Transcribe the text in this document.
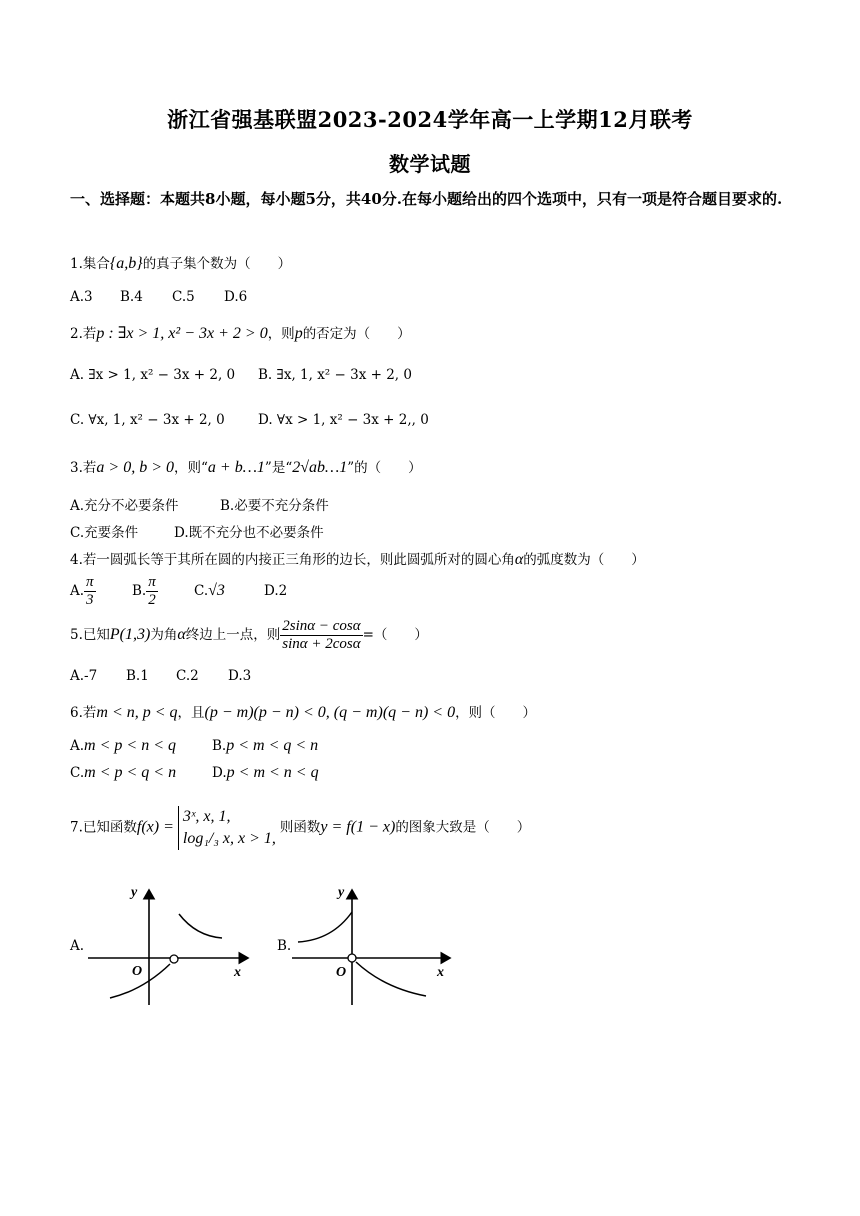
浙江省强基联盟2023-2024学年高一上学期12月联考
数学试题
一、选择题：本题共8小题，每小题5分，共40分.在每小题给出的四个选项中，只有一项是符合题目要求的.
1.集合{a,b}的真子集个数为（　　）
A.3 B.4 C.5 D.6
2.若p : ∃x > 1, x² − 3x + 2 > 0，则p的否定为（　　）
A. ∃x > 1, x² − 3x + 2, 0 B. ∃x, 1, x² − 3x + 2, 0
C. ∀x, 1, x² − 3x + 2, 0 D. ∀x > 1, x² − 3x + 2,, 0
3.若a > 0, b > 0，则“a + b…1”是“2√ab…1”的（　　）
A.充分不必要条件	B.必要不充分条件
C.充要条件	D.既不充分也不必要条件
4.若一圆弧长等于其所在圆的内接正三角形的边长，则此圆弧所对的圆心角α的弧度数为（　　）
A. $\frac{\pi}{3}$	B. $\frac{\pi}{2}$	C.√3	D.2
5.已知P(1,3)为角α终边上一点，则 $\frac{2\sin\alpha - \cos\alpha}{\sin\alpha + 2\cos\alpha}$ =（　　）
A.-7 B.1 C.2 D.3
6.若m < n, p < q，且(p − m)(p − n) < 0, (q − m)(q − n) < 0，则（　　）
A.m < p < n < q	B.p < m < q < n
C.m < p < q < n	D.p < m < n < q
7.已知函数f(x) =
3ˣ, x, 1,
log₁/₃ x, x > 1,
则函数y = f(1 − x)的图象大致是（　　）
A.
y
x
O
B.
y
x
O
